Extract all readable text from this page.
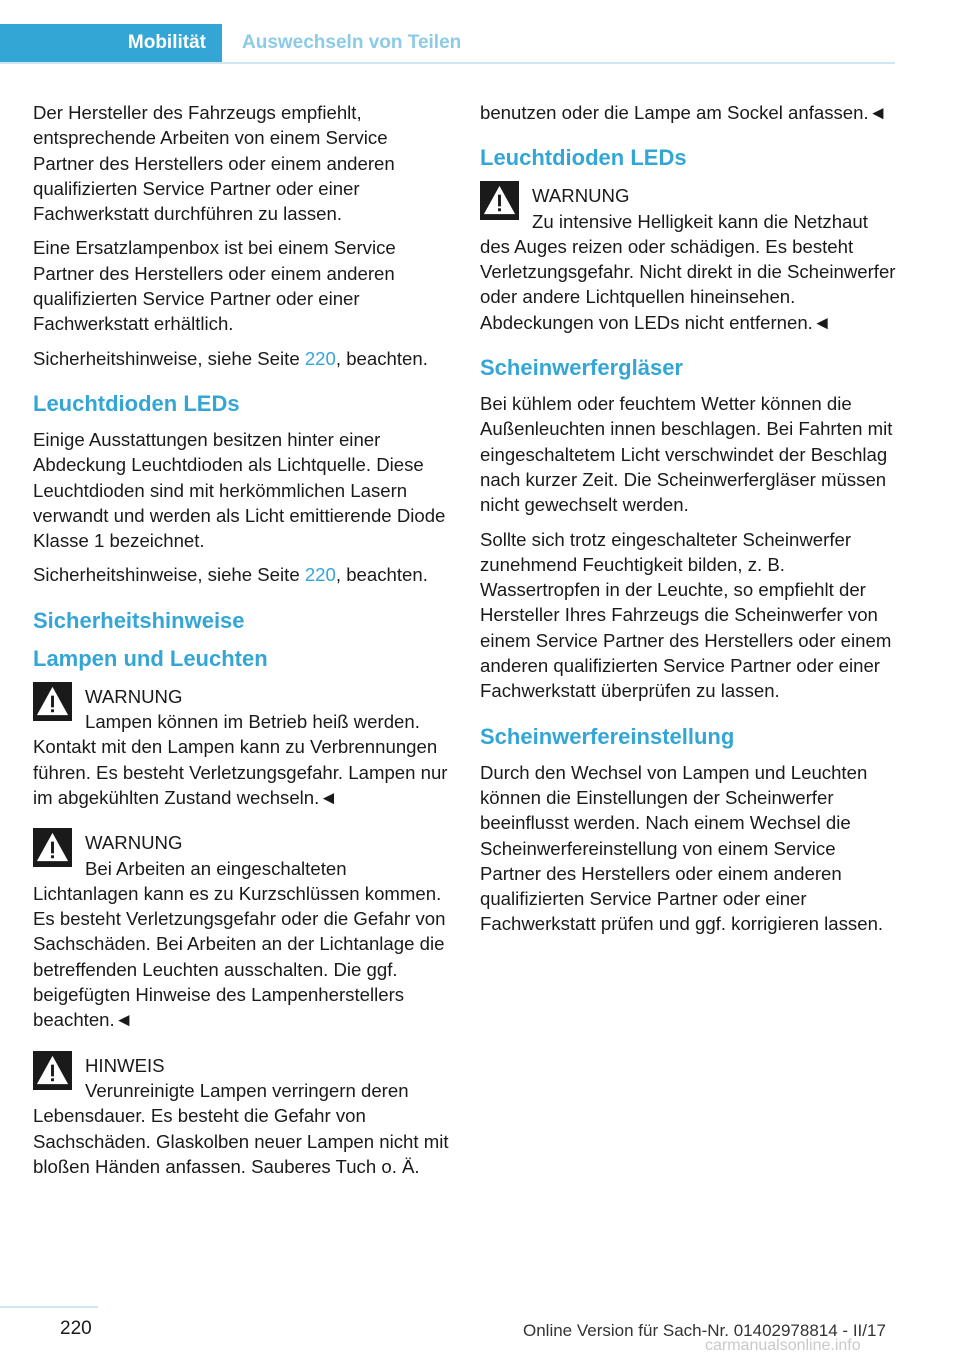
Mobilität Auswechseln von Teilen

Der Hersteller des Fahrzeugs empfiehlt, entsprechende Arbeiten von einem Service Partner des Herstellers oder einem anderen qualifizierten Service Partner oder einer Fachwerkstatt durchführen zu lassen.

Eine Ersatzlampenbox ist bei einem Service Partner des Herstellers oder einem anderen qualifizierten Service Partner oder einer Fachwerkstatt erhältlich.

Sicherheitshinweise, siehe Seite 220, beachten.

Leuchtdioden LEDs

Einige Ausstattungen besitzen hinter einer Abdeckung Leuchtdioden als Lichtquelle. Diese Leuchtdioden sind mit herkömmlichen Lasern verwandt und werden als Licht emittierende Diode Klasse 1 bezeichnet.

Sicherheitshinweise, siehe Seite 220, beachten.

Sicherheitshinweise
Lampen und Leuchten
WARNUNG

Lampen können im Betrieb heiß werden. Kontakt mit den Lampen kann zu Verbrennungen führen. Es besteht Verletzungsgefahr. Lampen nur im abgekühlten Zustand wechseln.◄

WARNUNG

Bei Arbeiten an eingeschalteten Lichtanlagen kann es zu Kurzschlüssen kommen. Es besteht Verletzungsgefahr oder die Gefahr von Sachschäden. Bei Arbeiten an der Lichtanlage die betreffenden Leuchten ausschalten. Die ggf. beigefügten Hinweise des Lampenherstellers beachten.◄

HINWEIS

Verunreinigte Lampen verringern deren Lebensdauer. Es besteht die Gefahr von Sachschäden. Glaskolben neuer Lampen nicht mit bloßen Händen anfassen. Sauberes Tuch o. Ä.

benutzen oder die Lampe am Sockel anfassen.◄

Leuchtdioden LEDs
WARNUNG

Zu intensive Helligkeit kann die Netzhaut des Auges reizen oder schädigen. Es besteht Verletzungsgefahr. Nicht direkt in die Scheinwerfer oder andere Lichtquellen hineinsehen. Abdeckungen von LEDs nicht entfernen.◄

Scheinwerfergläser

Bei kühlem oder feuchtem Wetter können die Außenleuchten innen beschlagen. Bei Fahrten mit eingeschaltetem Licht verschwindet der Beschlag nach kurzer Zeit. Die Scheinwerfergläser müssen nicht gewechselt werden.

Sollte sich trotz eingeschalteter Scheinwerfer zunehmend Feuchtigkeit bilden, z. B. Wassertropfen in der Leuchte, so empfiehlt der Hersteller Ihres Fahrzeugs die Scheinwerfer von einem Service Partner des Herstellers oder einem anderen qualifizierten Service Partner oder einer Fachwerkstatt überprüfen zu lassen.

Scheinwerfereinstellung

Durch den Wechsel von Lampen und Leuchten können die Einstellungen der Scheinwerfer beeinflusst werden. Nach einem Wechsel die Scheinwerfereinstellung von einem Service Partner des Herstellers oder einem anderen qualifizierten Service Partner oder einer Fachwerkstatt prüfen und ggf. korrigieren lassen.

220	Online Version für Sach-Nr. 01402978814 - II/17
carmanualsonline.info
